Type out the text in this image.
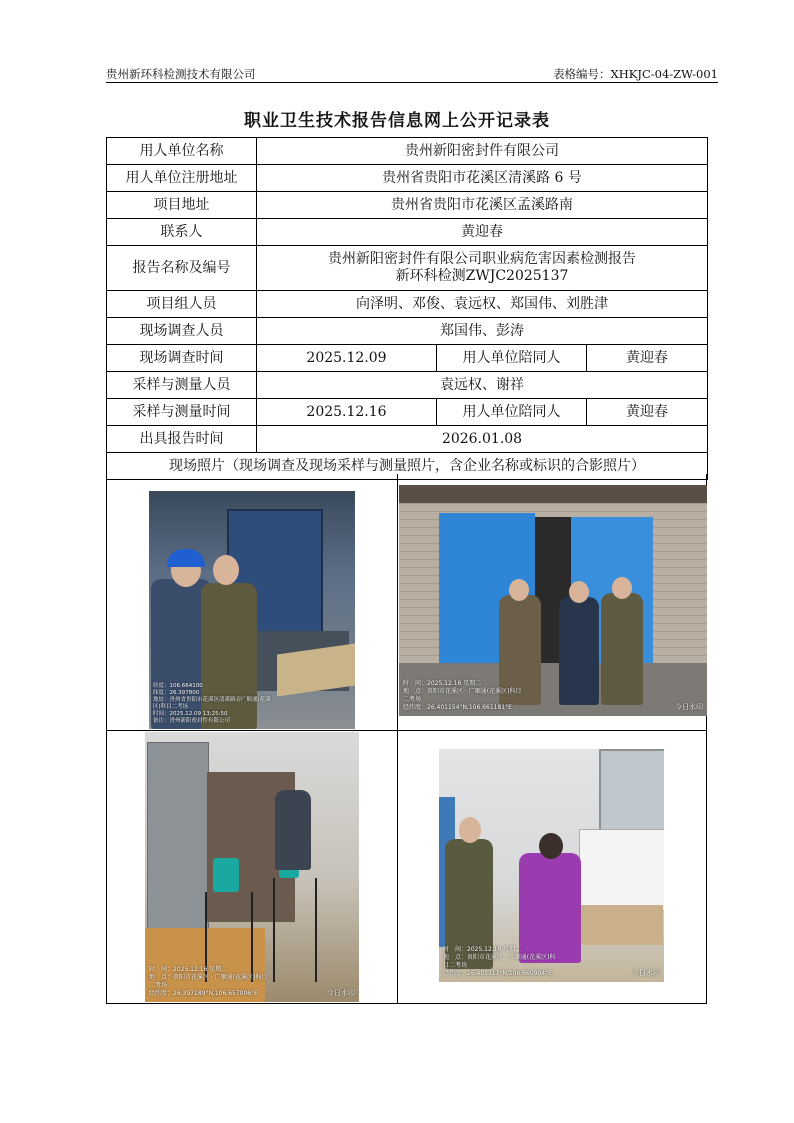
贵州新环科检测技术有限公司	表格编号：XHKJC-04-ZW-001
职业卫生技术报告信息网上公开记录表
用人单位名称	贵州新阳密封件有限公司		
用人单位注册地址	贵州省贵阳市花溪区清溪路 6 号		
项目地址	贵州省贵阳市花溪区孟溪路南		
联系人	黄迎春		
报告名称及编号	贵州新阳密封件有限公司职业病危害因素检测报告
新环科检测ZWJC2025137		

项目组人员	向泽明、邓俊、袁远权、郑国伟、刘胜津		
现场调查人员	郑国伟、彭涛		
现场调查时间	2025.12.09	用人单位陪同人	黄迎春
采样与测量人员	袁远权、谢祥		
采样与测量时间	2025.12.16	用人单位陪同人	黄迎春
出具报告时间	2026.01.08		
现场照片（现场调查及现场采样与测量照片，含企业名称或标识的合影照片）			
经度：106.664100
纬度：26.397800
地址：贵州省贵阳市花溪区清溪路旁广顺通(花溪
区)科目二考场
时间：2025.12.09 13:25:50
备注：贵州新阳密封件有限公司
时　间：2025.12.16 星期二
地　点：贵阳市花溪区 · 广顺通(花溪区)科目
二考场
经纬度：26.401154°N,106.661181°E	今日水印
时　间：2025.12.16 星期二
地　点：贵阳市花溪区 · 广顺通(花溪区)科目
二考场
经纬度：26.397189°N,106.657006°E	今日水印
时　间：2025.12.16 星期二
地　点：贵阳市花溪区 · 广顺通(花溪区)科
目二考场
经纬度：26.401317°N,106.660904°E	今日水印
